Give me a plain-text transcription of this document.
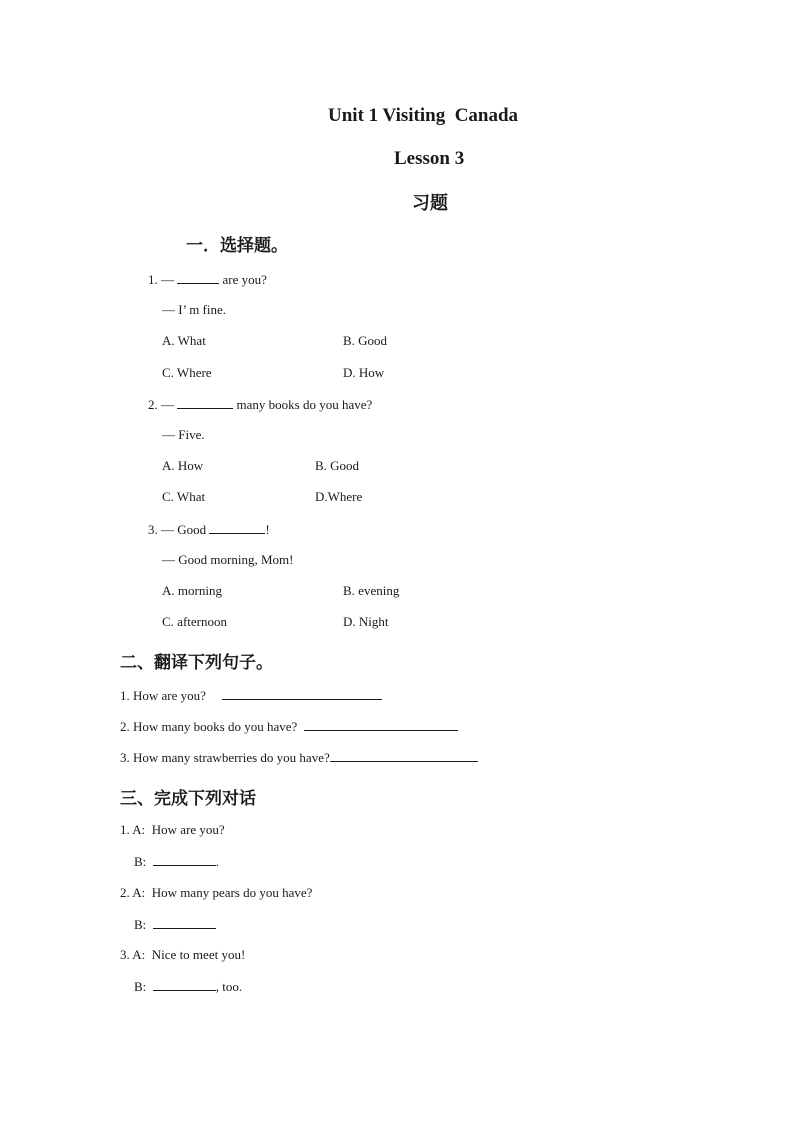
Unit 1 Visiting  Canada
Lesson 3
习题
一．选择题。
1. —	are you?
— I’ m fine.
A. What	B. Good
C. Where	D. How
2. —	many books do you have?
— Five.
A. How	B. Good
C. What	D.Where
3. — Good	!
— Good morning, Mom!
A. morning	B. evening
C. afternoon	D. Night
二、翻译下列句子。
1. How are you?
2. How many books do you have?
3. How many strawberries do you have?
三、完成下列对话
1. A:  How are you?
B:	.
2. A:  How many pears do you have?
B:
3. A:  Nice to meet you!
B:	, too.
